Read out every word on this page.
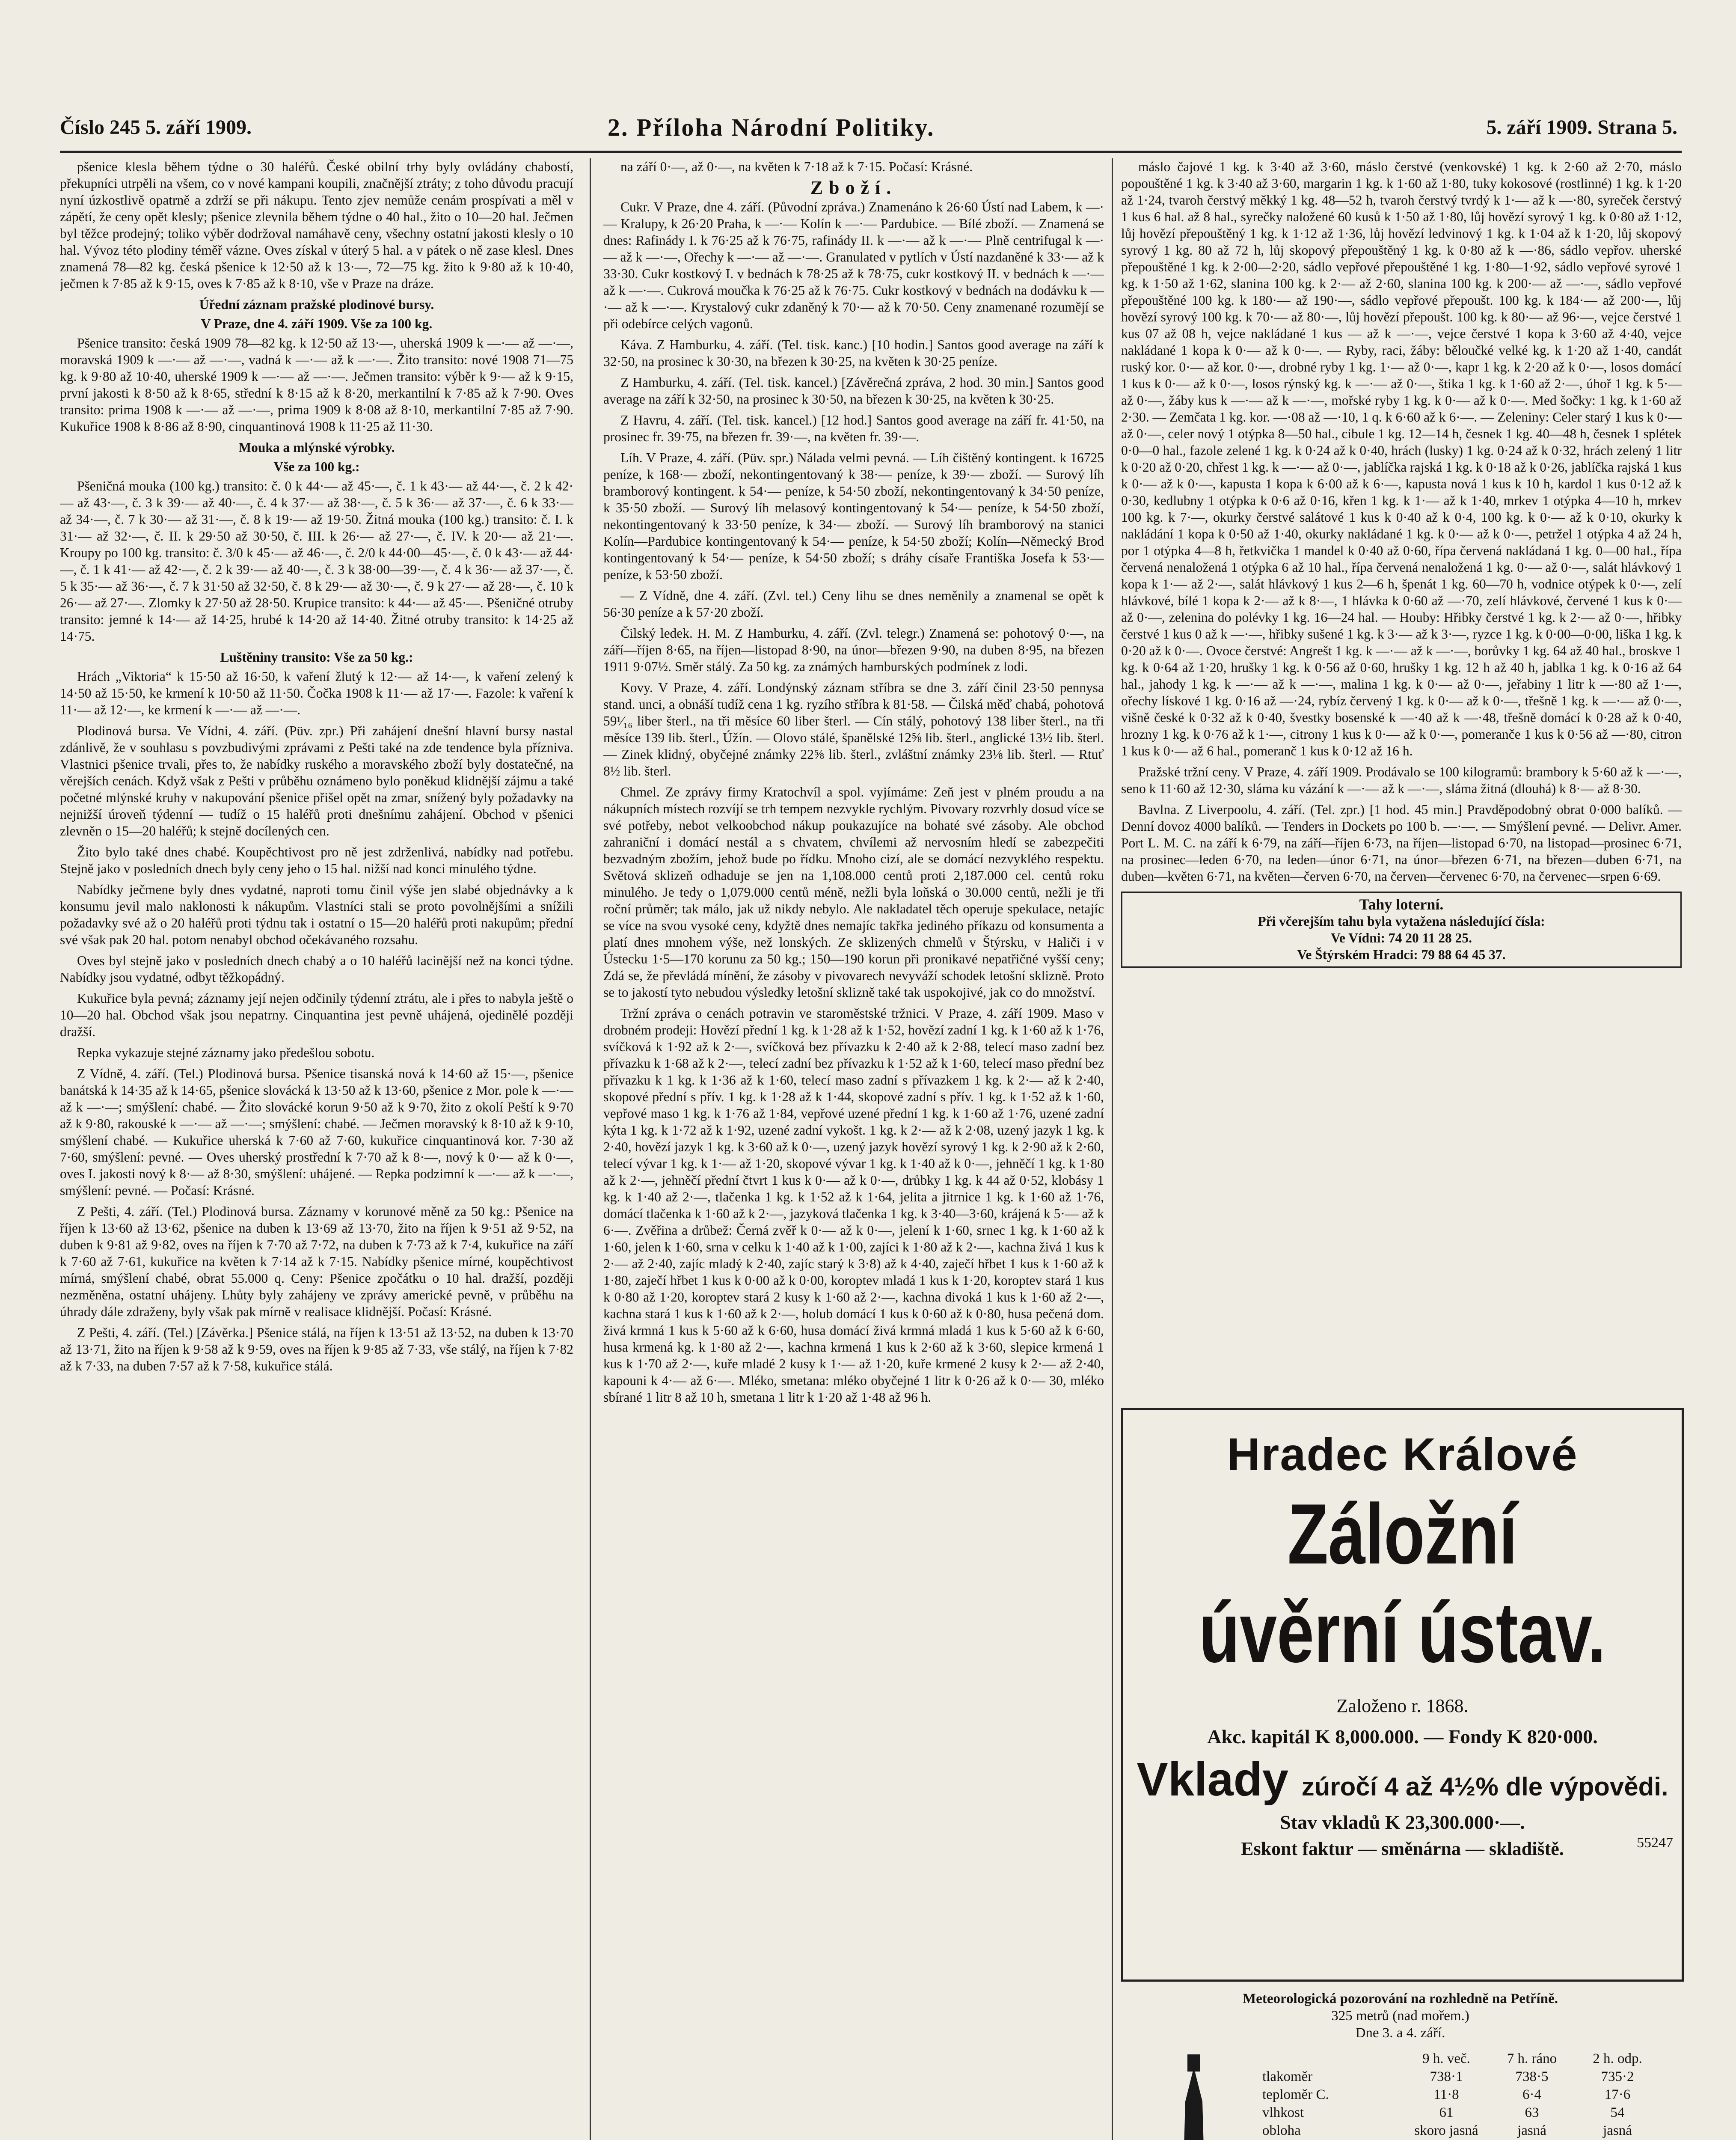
Číslo 245 5. září 1909.	2. Příloha Národní Politiky.	5. září 1909. Strana 5.

pšenice klesla během týdne o 30 haléřů. České obilní trhy byly ovládány chabostí, překupníci utrpěli na všem, co v nové kampani koupili, značnější ztráty; z toho důvodu pracují nyní úzkostlivě opatrně a zdrží se při nákupu. Tento zjev nemůže cenám prospívati a měl v zápětí, že ceny opět klesly; pšenice zlevnila během týdne o 40 hal., žito o 10—20 hal. Ječmen byl těžce prodejný; toliko výběr dodržoval namáhavě ceny, všechny ostatní jakosti klesly o 10 hal. Vývoz této plodiny téměř vázne. Oves získal v úterý 5 hal. a v pátek o ně zase klesl. Dnes znamená 78—82 kg. česká pšenice k 12·50 až k 13·—, 72—75 kg. žito k 9·80 až k 10·40, ječmen k 7·85 až k 9·15, oves k 7·85 až k 8·10, vše v Praze na dráze.

Úřední záznam pražské plodinové bursy.

V Praze, dne 4. září 1909. Vše za 100 kg.

Pšenice transito: česká 1909 78—82 kg. k 12·50 až 13·—, uherská 1909 k —·— až —·—, moravská 1909 k —·— až —·—, vadná k —·— až k —·—. Žito transito: nové 1908 71—75 kg. k 9·80 až 10·40, uherské 1909 k —·— až —·—. Ječmen transito: výběr k 9·— až k 9·15, první jakosti k 8·50 až k 8·65, střední k 8·15 až k 8·20, merkantilní k 7·85 až k 7·90. Oves transito: prima 1908 k —·— až —·—, prima 1909 k 8·08 až 8·10, merkantilní 7·85 až 7·90. Kukuřice 1908 k 8·86 až 8·90, cinquantinová 1908 k 11·25 až 11·30.

Mouka a mlýnské výrobky.

Vše za 100 kg.:

Pšeničná mouka (100 kg.) transito: č. 0 k 44·— až 45·—, č. 1 k 43·— až 44·—, č. 2 k 42·— až 43·—, č. 3 k 39·— až 40·—, č. 4 k 37·— až 38·—, č. 5 k 36·— až 37·—, č. 6 k 33·— až 34·—, č. 7 k 30·— až 31·—, č. 8 k 19·— až 19·50. Žitná mouka (100 kg.) transito: č. I. k 31·— až 32·—, č. II. k 29·50 až 30·50, č. III. k 26·— až 27·—, č. IV. k 20·— až 21·—. Kroupy po 100 kg. transito: č. 3/0 k 45·— až 46·—, č. 2/0 k 44·00—45·—, č. 0 k 43·— až 44·—, č. 1 k 41·— až 42·—, č. 2 k 39·— až 40·—, č. 3 k 38·00—39·—, č. 4 k 36·— až 37·—, č. 5 k 35·— až 36·—, č. 7 k 31·50 až 32·50, č. 8 k 29·— až 30·—, č. 9 k 27·— až 28·—, č. 10 k 26·— až 27·—. Zlomky k 27·50 až 28·50. Krupice transito: k 44·— až 45·—. Pšeničné otruby transito: jemné k 14·— až 14·25, hrubé k 14·20 až 14·40. Žitné otruby transito: k 14·25 až 14·75.

Luštěniny transito: Vše za 50 kg.:

Hrách „Viktoria“ k 15·50 až 16·50, k vaření žlutý k 12·— až 14·—, k vaření zelený k 14·50 až 15·50, ke krmení k 10·50 až 11·50. Čočka 1908 k 11·— až 17·—. Fazole: k vaření k 11·— až 12·—, ke krmení k —·— až —·—.

Plodinová bursa. Ve Vídni, 4. září. (Püv. zpr.) Při zahájení dnešní hlavní bursy nastal zdánlivě, že v souhlasu s povzbudivými zprávami z Pešti také na zde tendence byla přízniva. Vlastnici pšenice trvali, přes to, že nabídky ruského a moravského zboží byly dostatečné, na věrejších cenách. Když však z Pešti v průběhu oznámeno bylo poněkud klidnější zájmu a také početné mlýnské kruhy v nakupování pšenice přišel opět na zmar, snížený byly požadavky na nejnižší úroveň týdenní — tudíž o 15 haléřů proti dnešnímu zahájení. Obchod v pšenici zlevněn o 15—20 haléřů; k stejně docílených cen.

Žito bylo také dnes chabé. Koupěchtivost pro ně jest zdrženlivá, nabídky nad potřebu. Stejně jako v posledních dnech byly ceny jeho o 15 hal. nižší nad konci minulého týdne.

Nabídky ječmene byly dnes vydatné, naproti tomu činil výše jen slabé objednávky a k konsumu jevil malo naklonosti k nákupům. Vlastníci stali se proto povolnějšími a snížili požadavky své až o 20 haléřů proti týdnu tak i ostatní o 15—20 haléřů proti nakupům; přední své však pak 20 hal. potom nenabyl obchod očekávaného rozsahu.

Oves byl stejně jako v posledních dnech chabý a o 10 haléřů lacinější než na konci týdne. Nabídky jsou vydatné, odbyt těžkopádný.

Kukuřice byla pevná; záznamy její nejen odčinily týdenní ztrátu, ale i přes to nabyla ještě o 10—20 hal. Obchod však jsou nepatrny. Cinquantina jest pevně uhájená, ojedinělé později dražší.

Repka vykazuje stejné záznamy jako předešlou sobotu.

Z Vídně, 4. září. (Tel.) Plodinová bursa. Pšenice tisanská nová k 14·60 až 15·—, pšenice banátská k 14·35 až k 14·65, pšenice slovácká k 13·50 až k 13·60, pšenice z Mor. pole k —·— až k —·—; smýšlení: chabé. — Žito slovácké korun 9·50 až k 9·70, žito z okolí Peští k 9·70 až k 9·80, rakouské k —·— až —·—; smýšlení: chabé. — Ječmen moravský k 8·10 až k 9·10, smýšlení chabé. — Kukuřice uherská k 7·60 až 7·60, kukuřice cinquantinová kor. 7·30 až 7·60, smýšlení: pevné. — Oves uherský prostřední k 7·70 až k 8·—, nový k 0·— až k 0·—, oves I. jakosti nový k 8·— až 8·30, smýšlení: uhájené. — Repka podzimní k —·— až k —·—, smýšlení: pevné. — Počasí: Krásné.

Z Pešti, 4. září. (Tel.) Plodinová bursa. Záznamy v korunové měně za 50 kg.: Pšenice na říjen k 13·60 až 13·62, pšenice na duben k 13·69 až 13·70, žito na říjen k 9·51 až 9·52, na duben k 9·81 až 9·82, oves na říjen k 7·70 až 7·72, na duben k 7·73 až k 7·4, kukuřice na září k 7·60 až 7·61, kukuřice na květen k 7·14 až k 7·15. Nabídky pšenice mírné, koupěchtivost mírná, smýšlení chabé, obrat 55.000 q. Ceny: Pšenice zpočátku o 10 hal. dražší, později nezměněna, ostatní uhájeny. Lhůty byly zahájeny ve zprávy americké pevně, v průběhu na úhrady dále zdraženy, byly však pak mírně v realisace klidnější. Počasí: Krásné.

Z Pešti, 4. září. (Tel.) [Závěrka.] Pšenice stálá, na říjen k 13·51 až 13·52, na duben k 13·70 až 13·71, žito na říjen k 9·58 až k 9·59, oves na říjen k 9·85 až 7·33, vše stálý, na říjen k 7·82 až k 7·33, na duben 7·57 až k 7·58, kukuřice stálá.

na září 0·—, až 0·—, na květen k 7·18 až k 7·15. Počasí: Krásné.

Zboží.

Cukr. V Praze, dne 4. září. (Původní zpráva.) Znamenáno k 26·60 Ústí nad Labem, k —·— Kralupy, k 26·20 Praha, k —·— Kolín k —·— Pardubice. — Bílé zboží. — Znamená se dnes: Rafinády I. k 76·25 až k 76·75, rafinády II. k —·— až k —·— Plně centrifugal k —·— až k —·—, Ořechy k —·— až —·—. Granulated v pytlích v Ústí nazdaněné k 33·— až k 33·30. Cukr kostkový I. v bednách k 78·25 až k 78·75, cukr kostkový II. v bednách k —·— až k —·—. Cukrová moučka k 76·25 až k 76·75. Cukr kostkový v bednách na dodávku k —·— až k —·—. Krystalový cukr zdaněný k 70·— až k 70·50. Ceny znamenané rozumějí se při odebírce celých vagonů.

Káva. Z Hamburku, 4. září. (Tel. tisk. kanc.) [10 hodin.] Santos good average na září k 32·50, na prosinec k 30·30, na březen k 30·25, na květen k 30·25 peníze.

Z Hamburku, 4. září. (Tel. tisk. kancel.) [Závěrečná zpráva, 2 hod. 30 min.] Santos good average na září k 32·50, na prosinec k 30·50, na březen k 30·25, na květen k 30·25.

Z Havru, 4. září. (Tel. tisk. kancel.) [12 hod.] Santos good average na září fr. 41·50, na prosinec fr. 39·75, na březen fr. 39·—, na květen fr. 39·—.

Líh. V Praze, 4. září. (Püv. spr.) Nálada velmi pevná. — Líh čištěný kontingent. k 16725 peníze, k 168·— zboží, nekontingentovaný k 38·— peníze, k 39·— zboží. — Surový líh bramborový kontingent. k 54·— peníze, k 54·50 zboží, nekontingentovaný k 34·50 peníze, k 35·50 zboží. — Surový líh melasový kontingentovaný k 54·— peníze, k 54·50 zboží, nekontingentovaný k 33·50 peníze, k 34·— zboží. — Surový líh bramborový na stanici Kolín—Pardubice kontingentovaný k 54·— peníze, k 54·50 zboží; Kolín—Německý Brod kontingentovaný k 54·— peníze, k 54·50 zboží; s dráhy císaře Františka Josefa k 53·— peníze, k 53·50 zboží.

— Z Vídně, dne 4. září. (Zvl. tel.) Ceny lihu se dnes neměnily a znamenal se opět k 56·30 peníze a k 57·20 zboží.

Čilský ledek. H. M. Z Hamburku, 4. září. (Zvl. telegr.) Znamená se: pohotový 0·—, na září—říjen 8·65, na říjen—listopad 8·90, na únor—březen 9·90, na duben 8·95, na březen 1911 9·07½. Směr stálý. Za 50 kg. za známých hamburských podmínek z lodi.

Kovy. V Praze, 4. září. Londýnský záznam stříbra se dne 3. září činil 23·50 pennysa stand. unci, a obnáší tudíž cena 1 kg. ryzího stříbra k 81·58. — Čilská měď chabá, pohotová 59¹⁄₁₆ liber šterl., na tři měsíce 60 liber šterl. — Cín stálý, pohotový 138 liber šterl., na tři měsíce 139 lib. šterl., Úžín. — Olovo stálé, španělské 12⅝ lib. šterl., anglické 13½ lib. šterl. — Zinek klidný, obyčejné známky 22⅝ lib. šterl., zvláštní známky 23⅛ lib. šterl. — Rtuť 8½ lib. šterl.

Chmel. Ze zprávy firmy Kratochvíl a spol. vyjímáme: Zeň jest v plném proudu a na nákupních místech rozvíjí se trh tempem nezvykle rychlým. Pivovary rozvrhly dosud více se své potřeby, nebot velkoobchod nákup poukazujíce na bohaté své zásoby. Ale obchod zahraniční i domácí nestál a s chvatem, chvílemi až nervosním hledí se zabezpečiti bezvadným zbožím, jehož bude po řídku. Mnoho cizí, ale se domácí nezvyklého respektu. Světová sklizeň odhaduje se jen na 1,108.000 centů proti 2,187.000 cel. centů roku minulého. Je tedy o 1,079.000 centů méně, nežli byla loňská o 30.000 centů, nežli je tři roční průměr; tak málo, jak už nikdy nebylo. Ale nakladatel těch operuje spekulace, netajíc se více na svou vysoké ceny, kdyžtě dnes nemajíc takřka jediného příkazu od konsumenta a platí dnes mnohem výše, než lonských. Ze sklizených chmelů v Štýrsku, v Haliči i v Ústecku 1·5—170 korunu za 50 kg.; 150—190 korun při pronikavé nepatřičné vyšší ceny; Zdá se, že převládá mínění, že zásoby v pivovarech nevyváží schodek letošní sklizně. Proto se to jakostí tyto nebudou výsledky letošní sklizně také tak uspokojivé, jak co do množství.

Tržní zpráva o cenách potravin ve staroměstské tržnici. V Praze, 4. září 1909. Maso v drobném prodeji: Hovězí přední 1 kg. k 1·28 až k 1·52, hovězí zadní 1 kg. k 1·60 až k 1·76, svíčková k 1·92 až k 2·—, svíčková bez přívazku k 2·40 až k 2·88, telecí maso zadní bez přívazku k 1·68 až k 2·—, telecí zadní bez přívazku k 1·52 až k 1·60, telecí maso přední bez přívazku k 1 kg. k 1·36 až k 1·60, telecí maso zadní s přívazkem 1 kg. k 2·— až k 2·40, skopové přední s přív. 1 kg. k 1·28 až k 1·44, skopové zadní s přív. 1 kg. k 1·52 až k 1·60, vepřové maso 1 kg. k 1·76 až 1·84, vepřové uzené přední 1 kg. k 1·60 až 1·76, uzené zadní kýta 1 kg. k 1·72 až k 1·92, uzené zadní vykošt. 1 kg. k 2·— až k 2·08, uzený jazyk 1 kg. k 2·40, hovězí jazyk 1 kg. k 3·60 až k 0·—, uzený jazyk hovězí syrový 1 kg. k 2·90 až k 2·60, telecí vývar 1 kg. k 1·— až 1·20, skopové vývar 1 kg. k 1·40 až k 0·—, jehněčí 1 kg. k 1·80 až k 2·—, jehněčí přední čtvrt 1 kus k 0·— až k 0·—, drůbky 1 kg. k 44 až 0·52, klobásy 1 kg. k 1·40 až 2·—, tlačenka 1 kg. k 1·52 až k 1·64, jelita a jitrnice 1 kg. k 1·60 až 1·76, domácí tlačenka k 1·60 až k 2·—, jazyková tlačenka 1 kg. k 3·40—3·60, krájená k 5·— až k 6·—. Zvěřina a drůbež: Černá zvěř k 0·— až k 0·—, jelení k 1·60, srnec 1 kg. k 1·60 až k 1·60, jelen k 1·60, srna v celku k 1·40 až k 1·00, zajíci k 1·80 až k 2·—, kachna živá 1 kus k 2·— až 2·40, zajíc mladý k 2·40, zajíc starý k 3·8) až k 4·40, zaječí hřbet 1 kus k 1·60 až k 1·80, zaječí hřbet 1 kus k 0·00 až k 0·00, koroptev mladá 1 kus k 1·20, koroptev stará 1 kus k 0·80 až 1·20, koroptev stará 2 kusy k 1·60 až 2·—, kachna divoká 1 kus k 1·60 až 2·—, kachna stará 1 kus k 1·60 až k 2·—, holub domácí 1 kus k 0·60 až k 0·80, husa pečená dom. živá krmná 1 kus k 5·60 až k 6·60, husa domácí živá krmná mladá 1 kus k 5·60 až k 6·60, husa krmená kg. k 1·80 až 2·—, kachna krmená 1 kus k 2·60 až k 3·60, slepice krmená 1 kus k 1·70 až 2·—, kuře mladé 2 kusy k 1·— až 1·20, kuře krmené 2 kusy k 2·— až 2·40, kapouni k 4·— až 6·—. Mléko, smetana: mléko obyčejné 1 litr k 0·26 až k 0·— 30, mléko sbírané 1 litr 8 až 10 h, smetana 1 litr k 1·20 až 1·48 až 96 h.

máslo čajové 1 kg. k 3·40 až 3·60, máslo čerstvé (venkovské) 1 kg. k 2·60 až 2·70, máslo popouštěné 1 kg. k 3·40 až 3·60, margarin 1 kg. k 1·60 až 1·80, tuky kokosové (rostlinné) 1 kg. k 1·20 až 1·24, tvaroh čerstvý měkký 1 kg. 48—52 h, tvaroh čerstvý tvrdý k 1·— až k —·80, syreček čerstvý 1 kus 6 hal. až 8 hal., syrečky naložené 60 kusů k 1·50 až 1·80, lůj hovězí syrový 1 kg. k 0·80 až 1·12, lůj hovězí přepouštěný 1 kg. k 1·12 až 1·36, lůj hovězí ledvinový 1 kg. k 1·04 až k 1·20, lůj skopový syrový 1 kg. 80 až 72 h, lůj skopový přepouštěný 1 kg. k 0·80 až k —·86, sádlo vepřov. uherské přepouštěné 1 kg. k 2·00—2·20, sádlo vepřové přepouštěné 1 kg. 1·80—1·92, sádlo vepřové syrové 1 kg. k 1·50 až 1·62, slanina 100 kg. k 2·— až 2·60, slanina 100 kg. k 200·— až —·—, sádlo vepřové přepouštěné 100 kg. k 180·— až 190·—, sádlo vepřové přepoušt. 100 kg. k 184·— až 200·—, lůj hovězí syrový 100 kg. k 70·— až 80·—, lůj hovězí přepoušt. 100 kg. k 80·— až 96·—, vejce čerstvé 1 kus 07 až 08 h, vejce nakládané 1 kus — až k —·—, vejce čerstvé 1 kopa k 3·60 až 4·40, vejce nakládané 1 kopa k 0·— až k 0·—. — Ryby, raci, žáby: běloučké velké kg. k 1·20 až 1·40, candát ruský kor. 0·— až kor. 0·—, drobné ryby 1 kg. 1·— až 0·—, kapr 1 kg. k 2·20 až k 0·—, losos domácí 1 kus k 0·— až k 0·—, losos rýnský kg. k —·— až 0·—, štika 1 kg. k 1·60 až 2·—, úhoř 1 kg. k 5·— až 0·—, žáby kus k —·— až k —·—, mořské ryby 1 kg. k 0·— až k 0·—. Med šočky: 1 kg. k 1·60 až 2·30. — Zemčata 1 kg. kor. —·08 až —·10, 1 q. k 6·60 až k 6·—. — Zeleniny: Celer starý 1 kus k 0·— až 0·—, celer nový 1 otýpka 8—50 hal., cibule 1 kg. 12—14 h, česnek 1 kg. 40—48 h, česnek 1 splétek 0·0—0 hal., fazole zelené 1 kg. k 0·24 až k 0·40, hrách (lusky) 1 kg. 0·24 až k 0·32, hrách zelený 1 litr k 0·20 až 0·20, chřest 1 kg. k —·— až 0·—, jablíčka rajská 1 kg. k 0·18 až k 0·26, jablíčka rajská 1 kus k 0·— až k 0·—, kapusta 1 kopa k 6·00 až k 6·—, kapusta nová 1 kus k 10 h, kardol 1 kus 0·12 až k 0·30, kedlubny 1 otýpka k 0·6 až 0·16, křen 1 kg. k 1·— až k 1·40, mrkev 1 otýpka 4—10 h, mrkev 100 kg. k 7·—, okurky čerstvé salátové 1 kus k 0·40 až k 0·4, 100 kg. k 0·— až k 0·10, okurky k nakládání 1 kopa k 0·50 až 1·40, okurky nakládané 1 kg. k 0·— až k 0·—, petržel 1 otýpka 4 až 24 h, por 1 otýpka 4—8 h, řetkvička 1 mandel k 0·40 až 0·60, řípa červená nakládaná 1 kg. 0—00 hal., řípa červená nenaložená 1 otýpka 6 až 10 hal., řípa červená nenaložená 1 kg. 0·— až 0·—, salát hlávkový 1 kopa k 1·— až 2·—, salát hlávkový 1 kus 2—6 h, špenát 1 kg. 60—70 h, vodnice otýpek k 0·—, zelí hlávkové, bílé 1 kopa k 2·— až k 8·—, 1 hlávka k 0·60 až —·70, zelí hlávkové, červené 1 kus k 0·— až 0·—, zelenina do polévky 1 kg. 16—24 hal. — Houby: Hřibky čerstvé 1 kg. k 2·— až 0·—, hřibky čerstvé 1 kus 0 až k —·—, hřibky sušené 1 kg. k 3·— až k 3·—, ryzce 1 kg. k 0·00—0·00, liška 1 kg. k 0·20 až k 0·—. Ovoce čerstvé: Angrešt 1 kg. k —·— až k —·—, borůvky 1 kg. 64 až 40 hal., broskve 1 kg. k 0·64 až 1·20, hrušky 1 kg. k 0·56 až 0·60, hrušky 1 kg. 12 h až 40 h, jablka 1 kg. k 0·16 až 64 hal., jahody 1 kg. k —·— až k —·—, malina 1 kg. k 0·— až 0·—, jeřabiny 1 litr k —·80 až 1·—, ořechy lískové 1 kg. 0·16 až —·24, rybíz červený 1 kg. k 0·— až k 0·—, třešně 1 kg. k —·— až 0·—, višně české k 0·32 až k 0·40, švestky bosenské k —·40 až k —·48, třešně domácí k 0·28 až k 0·40, hrozny 1 kg. k 0·76 až k 1·—, citrony 1 kus k 0·— až k 0·—, pomeranče 1 kus k 0·56 až —·80, citron 1 kus k 0·— až 6 hal., pomeranč 1 kus k 0·12 až 16 h.

Pražské tržní ceny. V Praze, 4. září 1909. Prodávalo se 100 kilogramů: brambory k 5·60 až k —·—, seno k 11·60 až 12·30, sláma ku vázání k —·— až k —·—, sláma žitná (dlouhá) k 8·— až 8·30.

Bavlna. Z Liverpoolu, 4. září. (Tel. zpr.) [1 hod. 45 min.] Pravděpodobný obrat 0·000 balíků. — Denní dovoz 4000 balíků. — Tenders in Dockets po 100 b. —·—. — Smýšlení pevné. — Delivr. Amer. Port L. M. C. na září k 6·79, na září—říjen 6·73, na říjen—listopad 6·70, na listopad—prosinec 6·71, na prosinec—leden 6·70, na leden—únor 6·71, na únor—březen 6·71, na březen—duben 6·71, na duben—květen 6·71, na květen—červen 6·70, na červen—červenec 6·70, na červenec—srpen 6·69.

Tahy loterní.
Při včerejším tahu byla vytažena následující čísla:
Ve Vídni: 74 20 11 28 25.
Ve Štýrském Hradci: 79 88 64 45 37.
Hradec Králové
Záložní úvěrní ústav.
Založeno r. 1868.
Akc. kapitál K 8,000.000. — Fondy K 820·000.
Vklady zúročí 4 až 4½% dle výpovědi.
Stav vkladů K 23,300.000·—.
Eskont faktur — směnárna — skladiště.	55247
Meteorologická pozorování na rozhledně na Petříně.
325 metrů (nad mořem.)
Dne 3. a 4. září.
9 h. več.	7 h. ráno	2 h. odp.
tlakoměr	738·1	738·5	735·2
teploměr C.	11·8	6·4	17·6
vlhkost	61	63	54
obloha	skoro jasná	jasná	jasná
